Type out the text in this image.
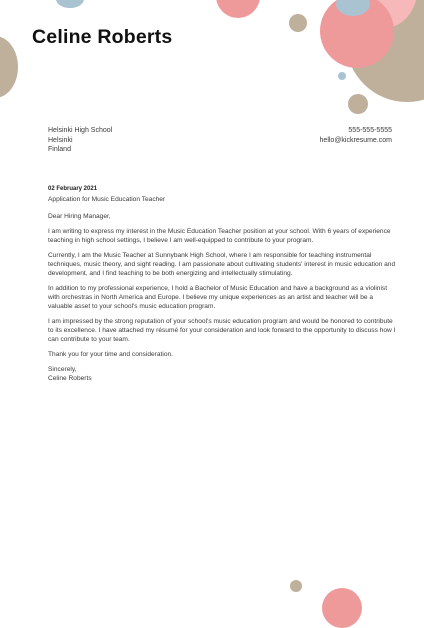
Celine Roberts
Helsinki High School
Helsinki
Finland
555-555-5555
hello@kickresume.com
02 February 2021
Application for Music Education Teacher

Dear Hiring Manager,

I am writing to express my interest in the Music Education Teacher position at your school. With 6 years of experience teaching in high school settings, I believe I am well-equipped to contribute to your program.

Currently, I am the Music Teacher at Sunnybank High School, where I am responsible for teaching instrumental techniques, music theory, and sight reading. I am passionate about cultivating students' interest in music education and development, and I find teaching to be both energizing and intellectually stimulating.

In addition to my professional experience, I hold a Bachelor of Music Education and have a background as a violinist with orchestras in North America and Europe. I believe my unique experiences as an artist and teacher will be a valuable asset to your school's music education program.

I am impressed by the strong reputation of your school's music education program and would be honored to contribute to its excellence. I have attached my résumé for your consideration and look forward to the opportunity to discuss how I can contribute to your team.

Thank you for your time and consideration.

Sincerely,
Celine Roberts
